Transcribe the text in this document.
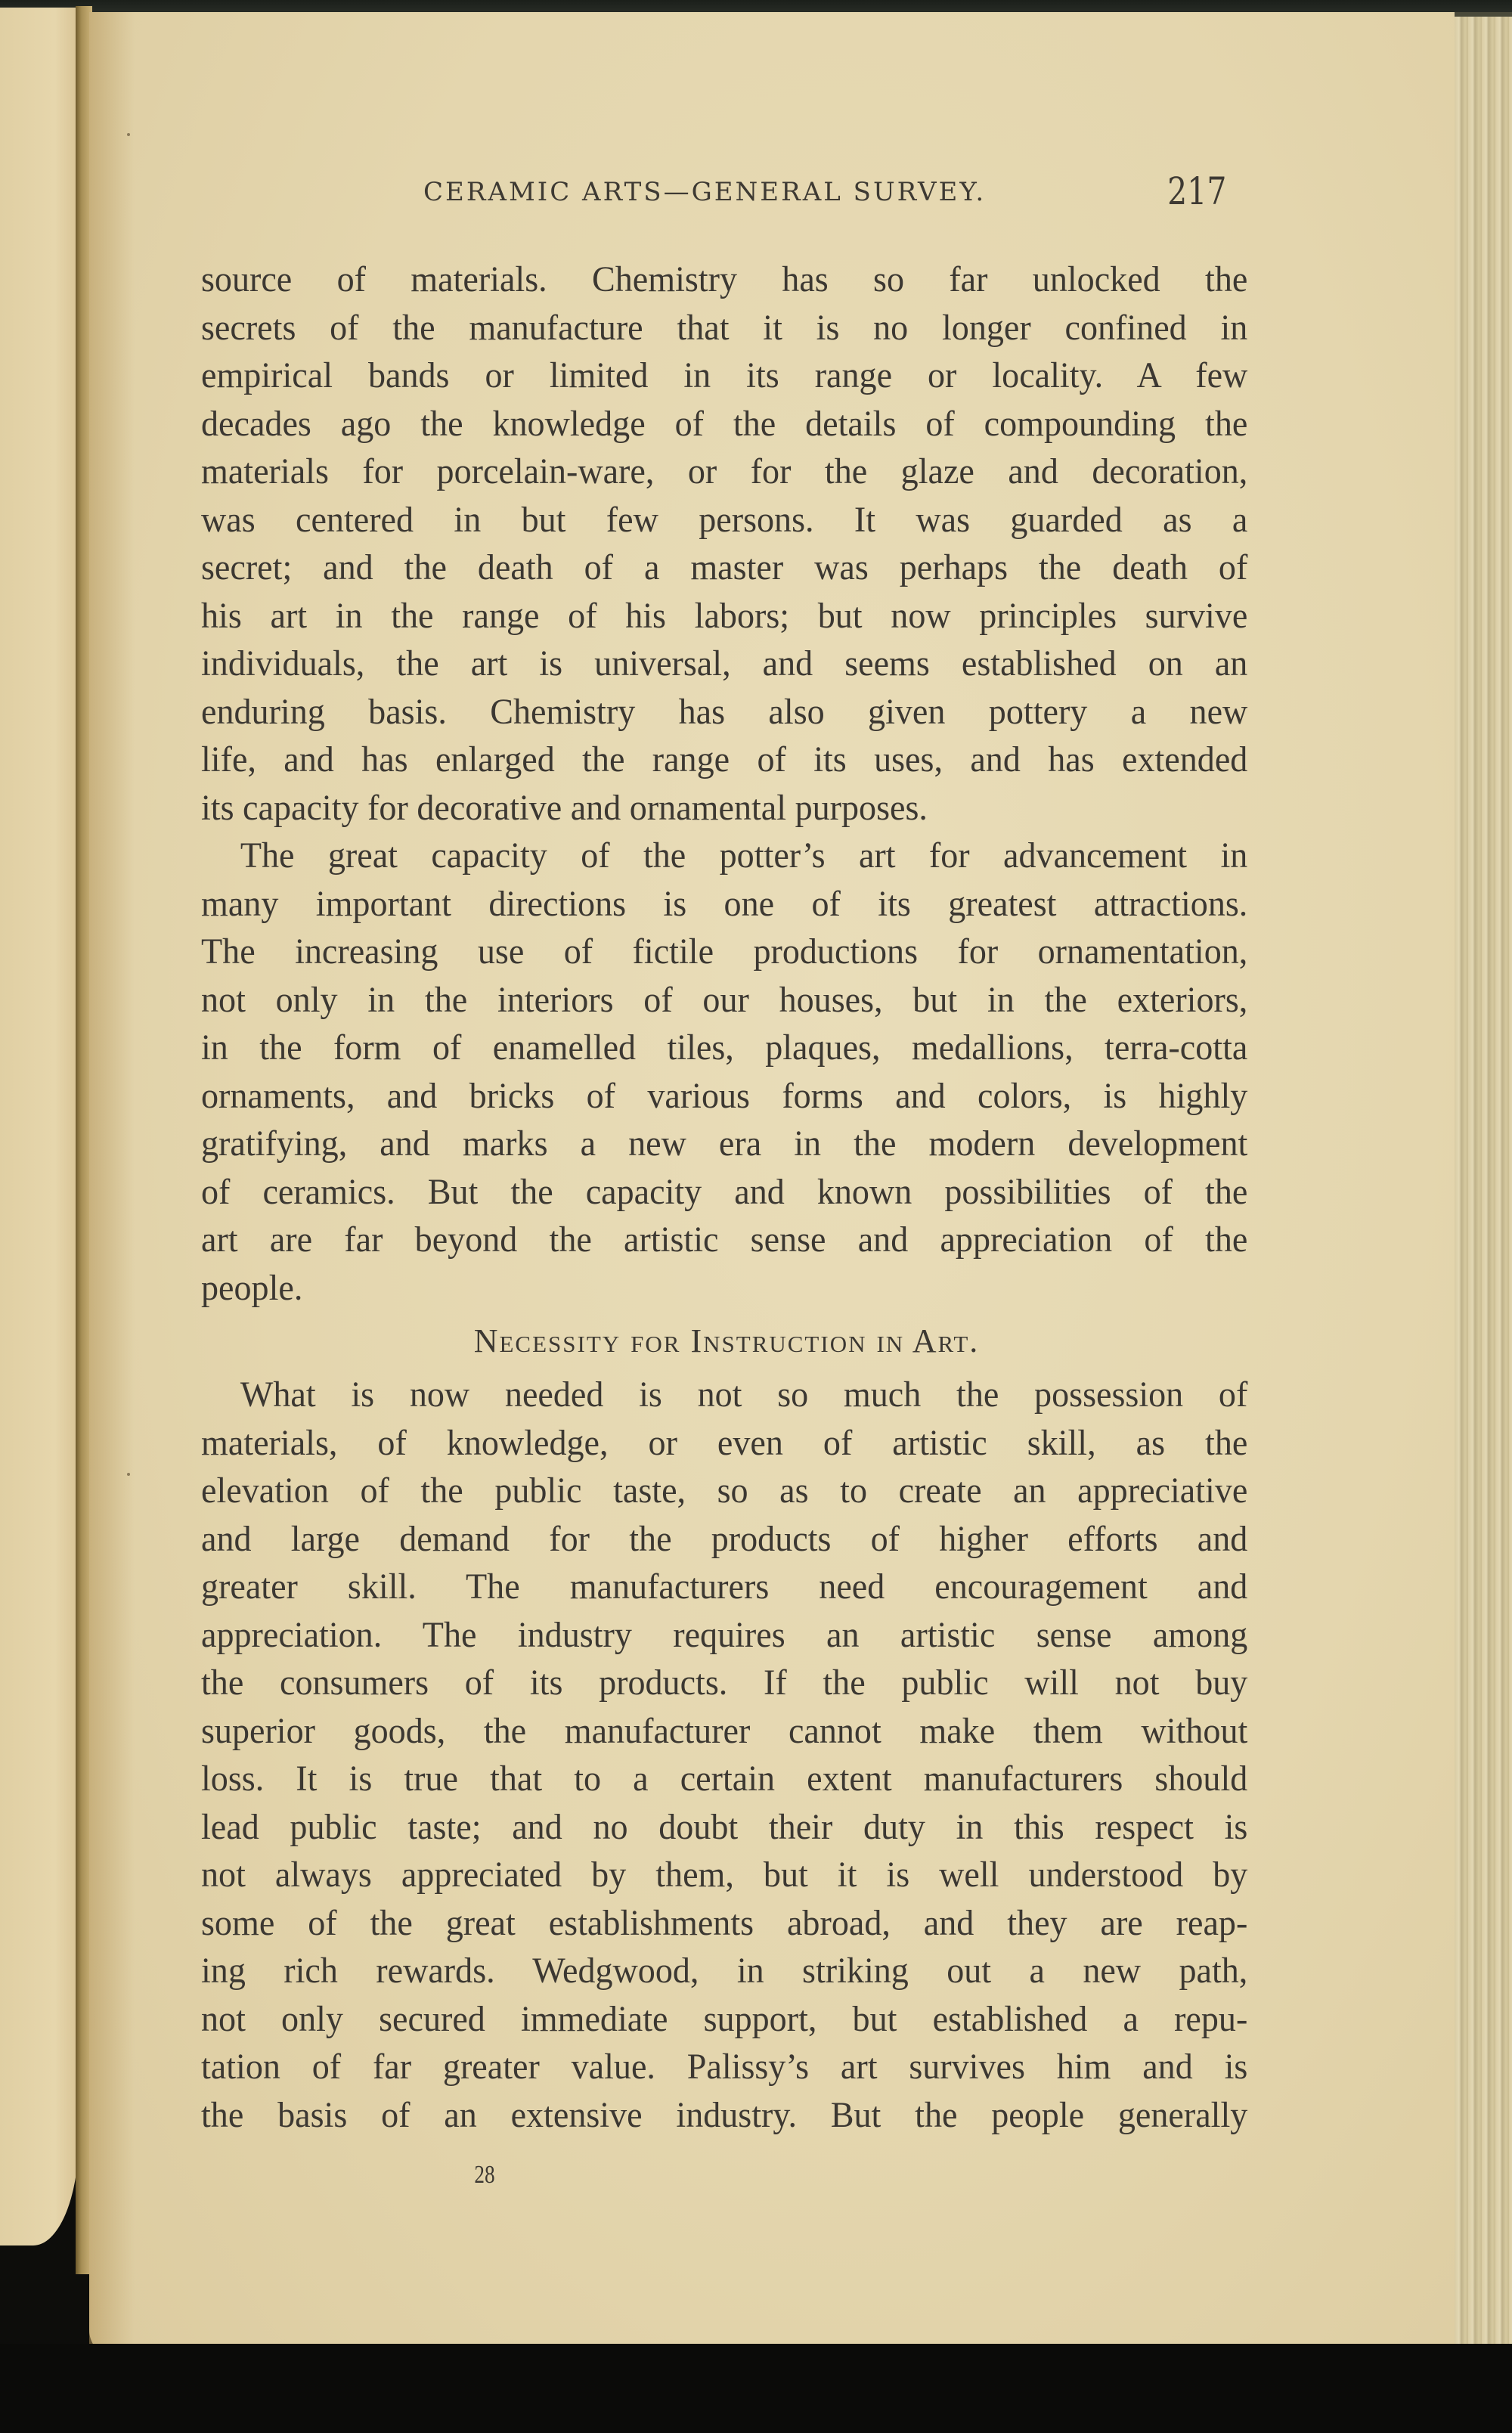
CERAMIC ARTS—GENERAL SURVEY.	217
source of materials. Chemistry has so far unlocked the
secrets of the manufacture that it is no longer confined in
empirical bands or limited in its range or locality. A few
decades ago the knowledge of the details of compounding the
materials for porcelain-ware, or for the glaze and decoration,
was centered in but few persons. It was guarded as a
secret; and the death of a master was perhaps the death of
his art in the range of his labors; but now principles survive
individuals, the art is universal, and seems established on an
enduring basis. Chemistry has also given pottery a new
life, and has enlarged the range of its uses, and has extended
its capacity for decorative and ornamental purposes.
The great capacity of the potter’s art for advancement in
many important directions is one of its greatest attractions.
The increasing use of fictile productions for ornamentation,
not only in the interiors of our houses, but in the exteriors,
in the form of enamelled tiles, plaques, medallions, terra-cotta
ornaments, and bricks of various forms and colors, is highly
gratifying, and marks a new era in the modern development
of ceramics. But the capacity and known possibilities of the
art are far beyond the artistic sense and appreciation of the
people.
Necessity for Instruction in Art.
What is now needed is not so much the possession of
materials, of knowledge, or even of artistic skill, as the
elevation of the public taste, so as to create an appreciative
and large demand for the products of higher efforts and
greater skill. The manufacturers need encouragement and
appreciation. The industry requires an artistic sense among
the consumers of its products. If the public will not buy
superior goods, the manufacturer cannot make them without
loss. It is true that to a certain extent manufacturers should
lead public taste; and no doubt their duty in this respect is
not always appreciated by them, but it is well understood by
some of the great establishments abroad, and they are reap-
ing rich rewards. Wedgwood, in striking out a new path,
not only secured immediate support, but established a repu-
tation of far greater value. Palissy’s art survives him and is
the basis of an extensive industry. But the people generally
28
